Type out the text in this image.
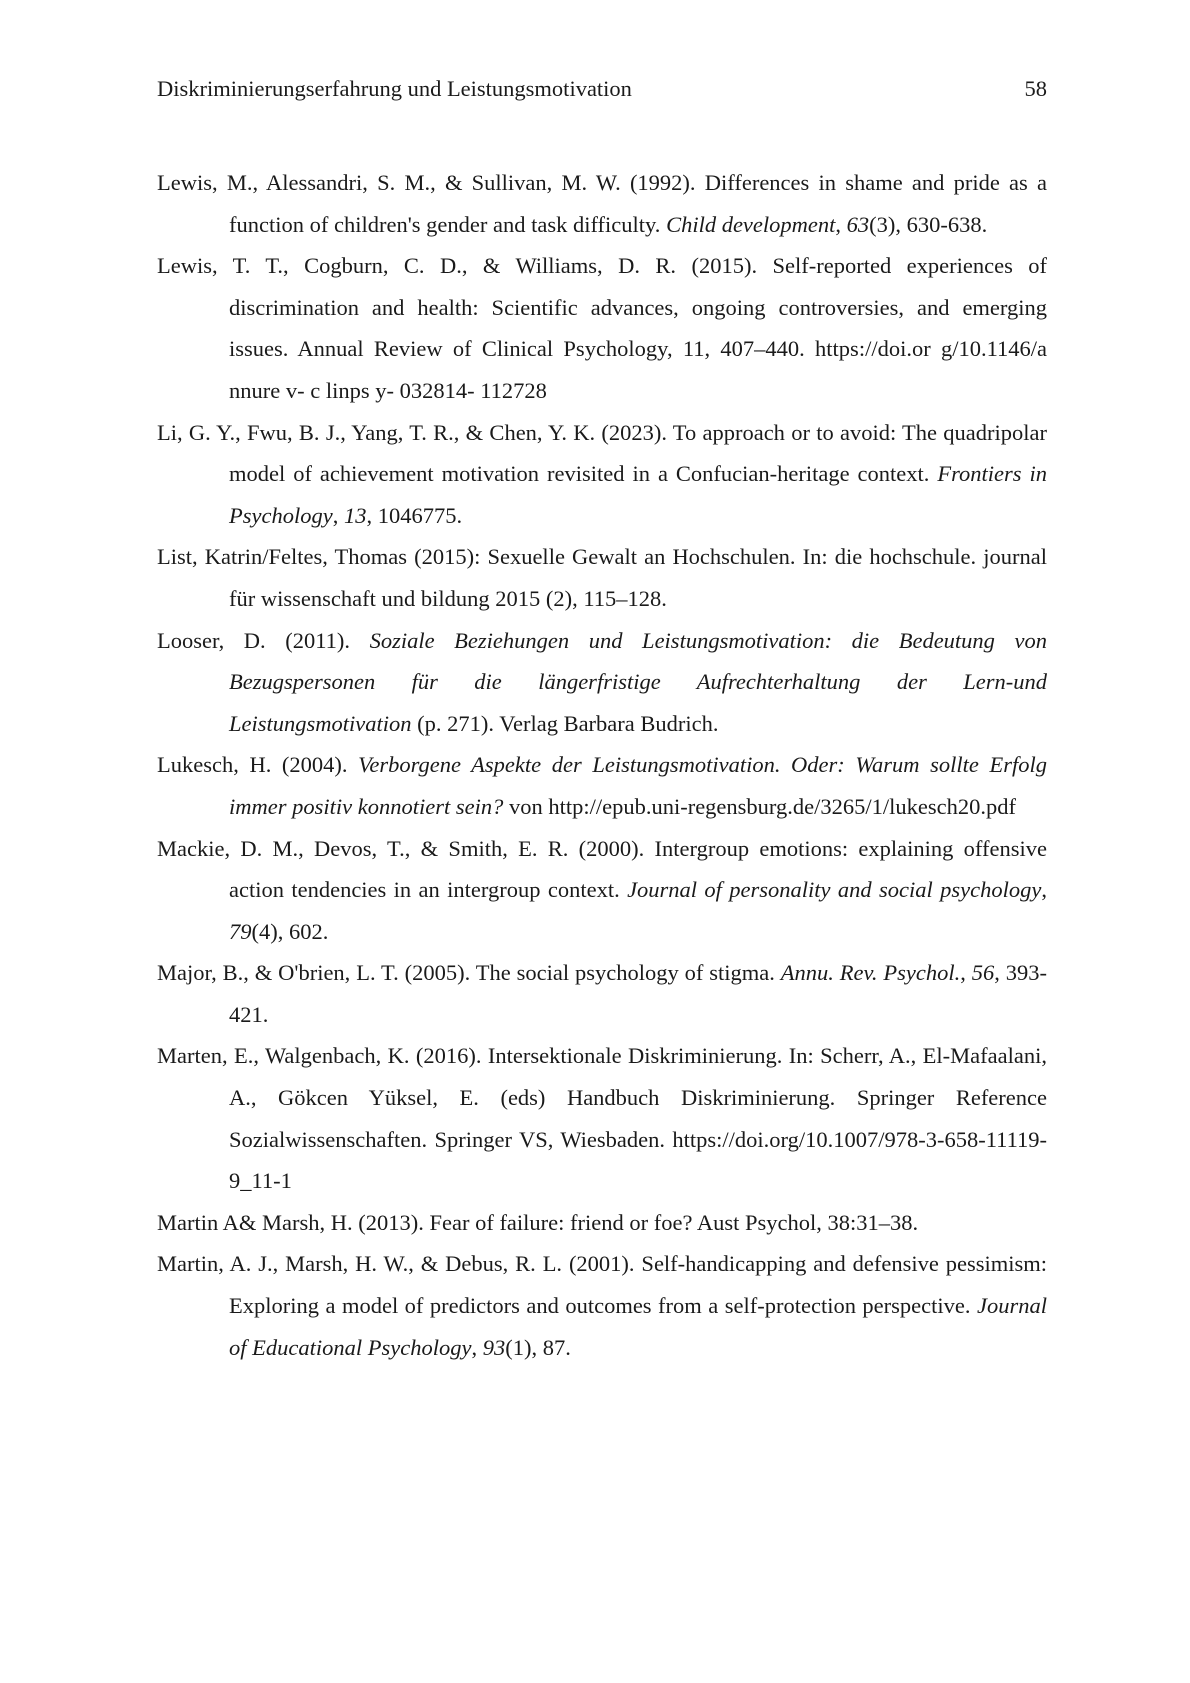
Diskriminierungserfahrung und Leistungsmotivation	58

Lewis, M., Alessandri, S. M., & Sullivan, M. W. (1992). Differences in shame and pride as a function of children's gender and task difficulty. Child development, 63(3), 630-638.

Lewis, T. T., Cogburn, C. D., & Williams, D. R. (2015). Self-reported experiences of discrimination and health: Scientific advances, ongoing controversies, and emerging issues. Annual Review of Clinical Psychology, 11, 407–440. https://doi.or g/10.1146/a nnure v- c linps y- 032814- 112728

Li, G. Y., Fwu, B. J., Yang, T. R., & Chen, Y. K. (2023). To approach or to avoid: The quadripolar model of achievement motivation revisited in a Confucian-heritage context. Frontiers in Psychology, 13, 1046775.

List, Katrin/Feltes, Thomas (2015): Sexuelle Gewalt an Hochschulen. In: die hochschule. journal für wissenschaft und bildung 2015 (2), 115–128.

Looser, D. (2011). Soziale Beziehungen und Leistungsmotivation: die Bedeutung von Bezugspersonen für die längerfristige Aufrechterhaltung der Lern-und Leistungsmotivation (p. 271). Verlag Barbara Budrich.

Lukesch, H. (2004). Verborgene Aspekte der Leistungsmotivation. Oder: Warum sollte Erfolg immer positiv konnotiert sein? von http://epub.uni-regensburg.de/3265/1/lukesch20.pdf

Mackie, D. M., Devos, T., & Smith, E. R. (2000). Intergroup emotions: explaining offensive action tendencies in an intergroup context. Journal of personality and social psychology, 79(4), 602.

Major, B., & O'brien, L. T. (2005). The social psychology of stigma. Annu. Rev. Psychol., 56, 393-421.

Marten, E., Walgenbach, K. (2016). Intersektionale Diskriminierung. In: Scherr, A., El-Mafaalani, A., Gökcen Yüksel, E. (eds) Handbuch Diskriminierung. Springer Reference Sozialwissenschaften. Springer VS, Wiesbaden. https://doi.org/10.1007/978-3-658-11119-9_11-1

Martin A& Marsh, H. (2013). Fear of failure: friend or foe? Aust Psychol, 38:31–38.

Martin, A. J., Marsh, H. W., & Debus, R. L. (2001). Self-handicapping and defensive pessimism: Exploring a model of predictors and outcomes from a self-protection perspective. Journal of Educational Psychology, 93(1), 87.
